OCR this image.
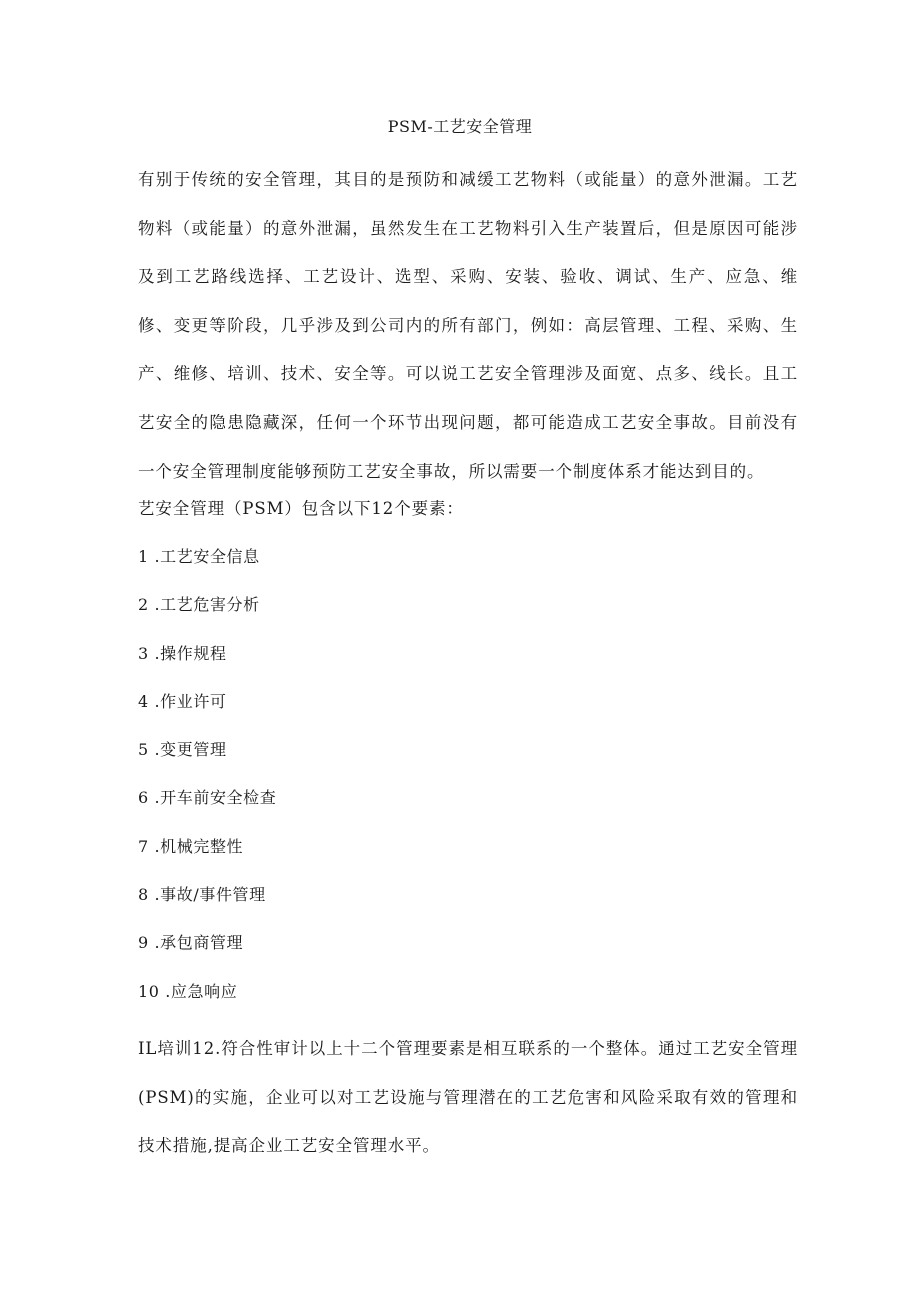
PSM-工艺安全管理

有别于传统的安全管理，其目的是预防和减缓工艺物料（或能量）的意外泄漏。工艺物料（或能量）的意外泄漏，虽然发生在工艺物料引入生产装置后，但是原因可能涉及到工艺路线选择、工艺设计、选型、采购、安装、验收、调试、生产、应急、维修、变更等阶段，几乎涉及到公司内的所有部门，例如：高层管理、工程、采购、生产、维修、培训、技术、安全等。可以说工艺安全管理涉及面宽、点多、线长。且工艺安全的隐患隐藏深，任何一个环节出现问题，都可能造成工艺安全事故。目前没有一个安全管理制度能够预防工艺安全事故，所以需要一个制度体系才能达到目的。

艺安全管理（PSM）包含以下12个要素：

1 .工艺安全信息
2 .工艺危害分析
3 .操作规程
4 .作业许可
5 .变更管理
6 .开车前安全检查
7 .机械完整性
8 .事故/事件管理
9 .承包商管理
10 .应急响应

IL培训12.符合性审计以上十二个管理要素是相互联系的一个整体。通过工艺安全管理(PSM)的实施，企业可以对工艺设施与管理潜在的工艺危害和风险采取有效的管理和技术措施,提高企业工艺安全管理水平。
